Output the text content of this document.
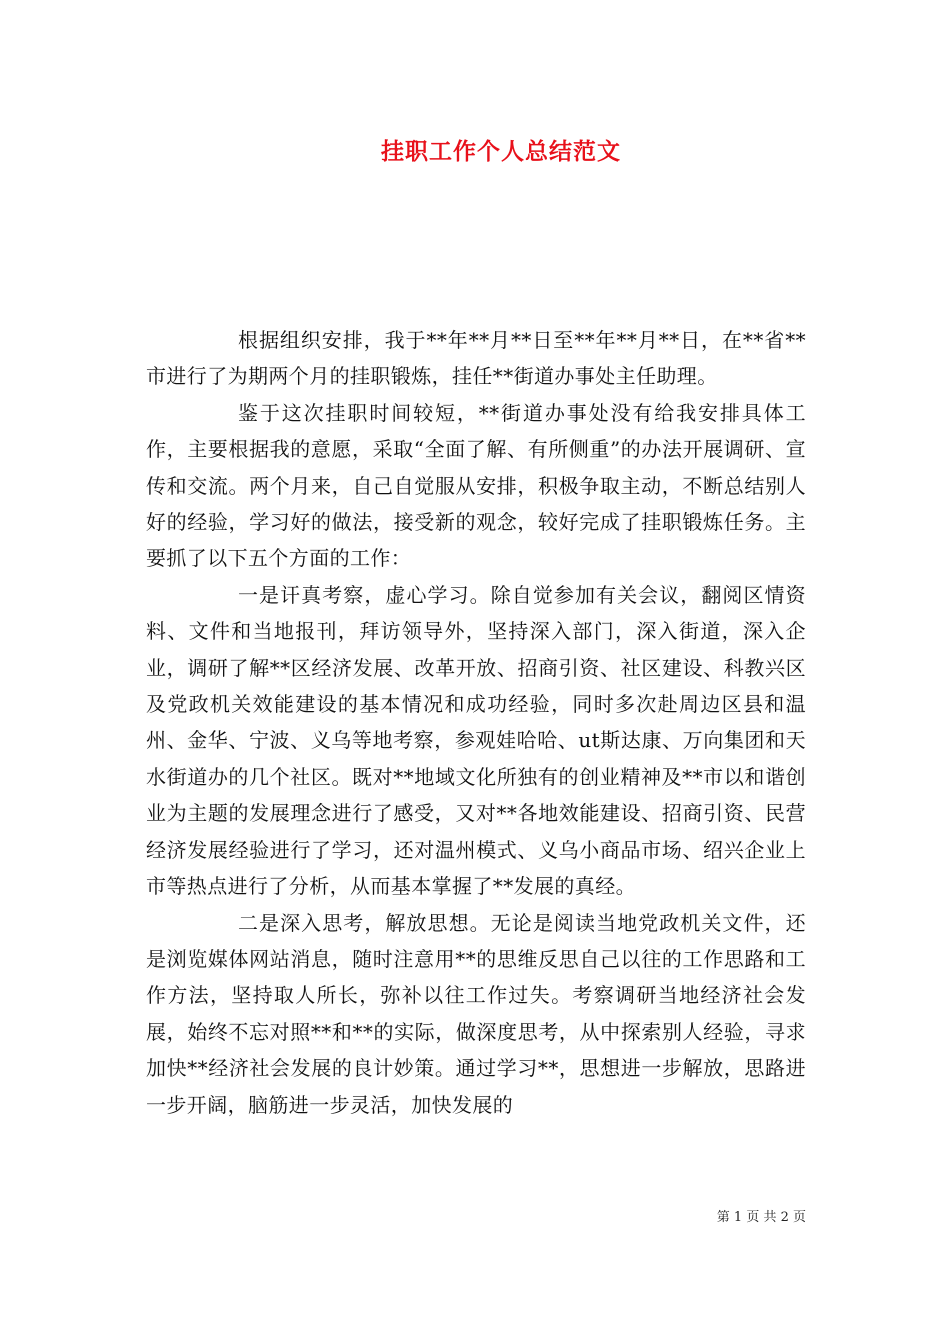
挂职工作个人总结范文

根据组织安排，我于**年**月**日至**年**月**日，在**省**市进行了为期两个月的挂职锻炼，挂任**街道办事处主任助理。

鉴于这次挂职时间较短，**街道办事处没有给我安排具体工作，主要根据我的意愿，采取“全面了解、有所侧重”的办法开展调研、宣传和交流。两个月来，自己自觉服从安排，积极争取主动，不断总结别人好的经验，学习好的做法，接受新的观念，较好完成了挂职锻炼任务。主要抓了以下五个方面的工作：

一是讦真考察，虚心学习。除自觉参加有关会议，翻阅区情资料、文件和当地报刊，拜访领导外，坚持深入部门，深入街道，深入企业，调研了解**区经济发展、改革开放、招商引资、社区建设、科教兴区及党政机关效能建设的基本情况和成功经验，同时多次赴周边区县和温州、金华、宁波、义乌等地考察，参观娃哈哈、ut斯达康、万向集团和天水街道办的几个社区。既对**地域文化所独有的创业精神及**市以和谐创业为主题的发展理念进行了感受，又对**各地效能建设、招商引资、民营经济发展经验进行了学习，还对温州模式、义乌小商品市场、绍兴企业上市等热点进行了分析，从而基本掌握了**发展的真经。

二是深入思考，解放思想。无论是阅读当地党政机关文件，还是浏览媒体网站消息，随时注意用**的思维反思自己以往的工作思路和工作方法，坚持取人所长，弥补以往工作过失。考察调研当地经济社会发展，始终不忘对照**和**的实际，做深度思考，从中探索别人经验，寻求加快**经济社会发展的良计妙策。通过学习**，思想进一步解放，思路进一步开阔，脑筋进一步灵活，加快发展的

第 1 页 共 2 页
